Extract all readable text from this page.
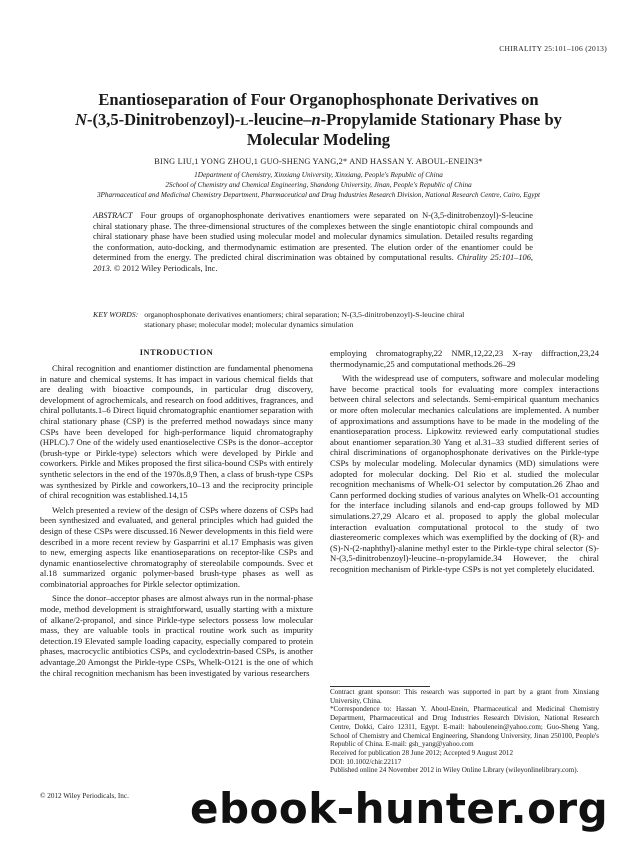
CHIRALITY 25:101–106 (2013)
Enantioseparation of Four Organophosphonate Derivatives on
N-(3,5-Dinitrobenzoyl)-l-leucine–n-Propylamide Stationary Phase by
Molecular Modeling
BING LIU,1 YONG ZHOU,1 GUO-SHENG YANG,2* AND HASSAN Y. ABOUL-ENEIN3*
1Department of Chemistry, Xinxiang University, Xinxiang, People's Republic of China
2School of Chemistry and Chemical Engineering, Shandong University, Jinan, People's Republic of China
3Pharmaceutical and Medicinal Chemistry Department, Pharmaceutical and Drug Industries Research Division, National Research Centre, Cairo, Egypt
ABSTRACT Four groups of organophosphonate derivatives enantiomers were separated on N-(3,5-dinitrobenzoyl)-S-leucine chiral stationary phase. The three-dimensional structures of the complexes between the single enantiotopic chiral compounds and chiral stationary phase have been studied using molecular model and molecular dynamics simulation. Detailed results regarding the conformation, auto-docking, and thermodynamic estimation are presented. The elution order of the enantiomer could be determined from the energy. The predicted chiral discrimination was obtained by computational results. Chirality 25:101–106, 2013. © 2012 Wiley Periodicals, Inc.
KEY WORDS: organophosphonate derivatives enantiomers; chiral separation; N-(3,5-dinitrobenzoyl)-S-leucine chiral stationary phase; molecular model; molecular dynamics simulation
INTRODUCTION

Chiral recognition and enantiomer distinction are fundamental phenomena in nature and chemical systems. It has impact in various chemical fields that are dealing with bioactive compounds, in particular drug discovery, development of agrochemicals, and research on food additives, fragrances, and chiral pollutants.1–6 Direct liquid chromatographic enantiomer separation with chiral stationary phase (CSP) is the preferred method nowadays since many CSPs have been developed for high-performance liquid chromatography (HPLC).7 One of the widely used enantioselective CSPs is the donor–acceptor (brush-type or Pirkle-type) selectors which were developed by Pirkle and coworkers. Pirkle and Mikes proposed the first silica-bound CSPs with entirely synthetic selectors in the end of the 1970s.8,9 Then, a class of brush-type CSPs was synthesized by Pirkle and coworkers,10–13 and the reciprocity principle of chiral recognition was established.14,15

Welch presented a review of the design of CSPs where dozens of CSPs had been synthesized and evaluated, and general principles which had guided the design of these CSPs were discussed.16 Newer developments in this field were described in a more recent review by Gasparrini et al.17 Emphasis was given to new, emerging aspects like enantioseparations on receptor-like CSPs and dynamic enantioselective chromatography of stereolabile compounds. Svec et al.18 summarized organic polymer-based brush-type phases as well as combinatorial approaches for Pirkle selector optimization.

Since the donor–acceptor phases are almost always run in the normal-phase mode, method development is straightforward, usually starting with a mixture of alkane/2-propanol, and since Pirkle-type selectors possess low molecular mass, they are valuable tools in practical routine work such as impurity detection.19 Elevated sample loading capacity, especially compared to protein phases, macrocyclic antibiotics CSPs, and cyclodextrin-based CSPs, is another advantage.20 Amongst the Pirkle-type CSPs, Whelk-O121 is the one of which the chiral recognition mechanism has been investigated by various researchers

employing chromatography,22 NMR,12,22,23 X-ray diffraction,23,24 thermodynamic,25 and computational methods.26–29

With the widespread use of computers, software and molecular modeling have become practical tools for evaluating more complex interactions between chiral selectors and selectands. Semi-empirical quantum mechanics or more often molecular mechanics calculations are implemented. A number of approximations and assumptions have to be made in the modeling of the enantioseparation process. Lipkowitz reviewed early computational studies about enantiomer separation.30 Yang et al.31–33 studied different series of chiral discriminations of organophosphonate derivatives on the Pirkle-type CSPs by molecular modeling. Molecular dynamics (MD) simulations were adopted for molecular docking. Del Rio et al. studied the molecular recognition mechanisms of Whelk-O1 selector by computation.26 Zhao and Cann performed docking studies of various analytes on Whelk-O1 accounting for the interface including silanols and end-cap groups followed by MD simulations.27,29 Alcaro et al. proposed to apply the global molecular interaction evaluation computational protocol to the study of two diastereomeric complexes which was exemplified by the docking of (R)- and (S)-N-(2-naphthyl)-alanine methyl ester to the Pirkle-type chiral selector (S)-N-(3,5-dinitrobenzoyl)-leucine–n-propylamide.34 However, the chiral recognition mechanism of Pirkle-type CSPs is not yet completely elucidated.

Contract grant sponsor: This research was supported in part by a grant from Xinxiang University, China.

*Correspondence to: Hassan Y. Aboul-Enein, Pharmaceutical and Medicinal Chemistry Department, Pharmaceutical and Drug Industries Research Division, National Research Centre, Dokki, Cairo 12311, Egypt. E-mail: haboulenein@yahoo.com; Guo-Sheng Yang, School of Chemistry and Chemical Engineering, Shandong University, Jinan 250100, People's Republic of China. E-mail: gsh_yang@yahoo.com

Received for publication 28 June 2012; Accepted 9 August 2012

DOI: 10.1002/chir.22117

Published online 24 November 2012 in Wiley Online Library (wileyonlinelibrary.com).

© 2012 Wiley Periodicals, Inc. ebook-hunter.org
